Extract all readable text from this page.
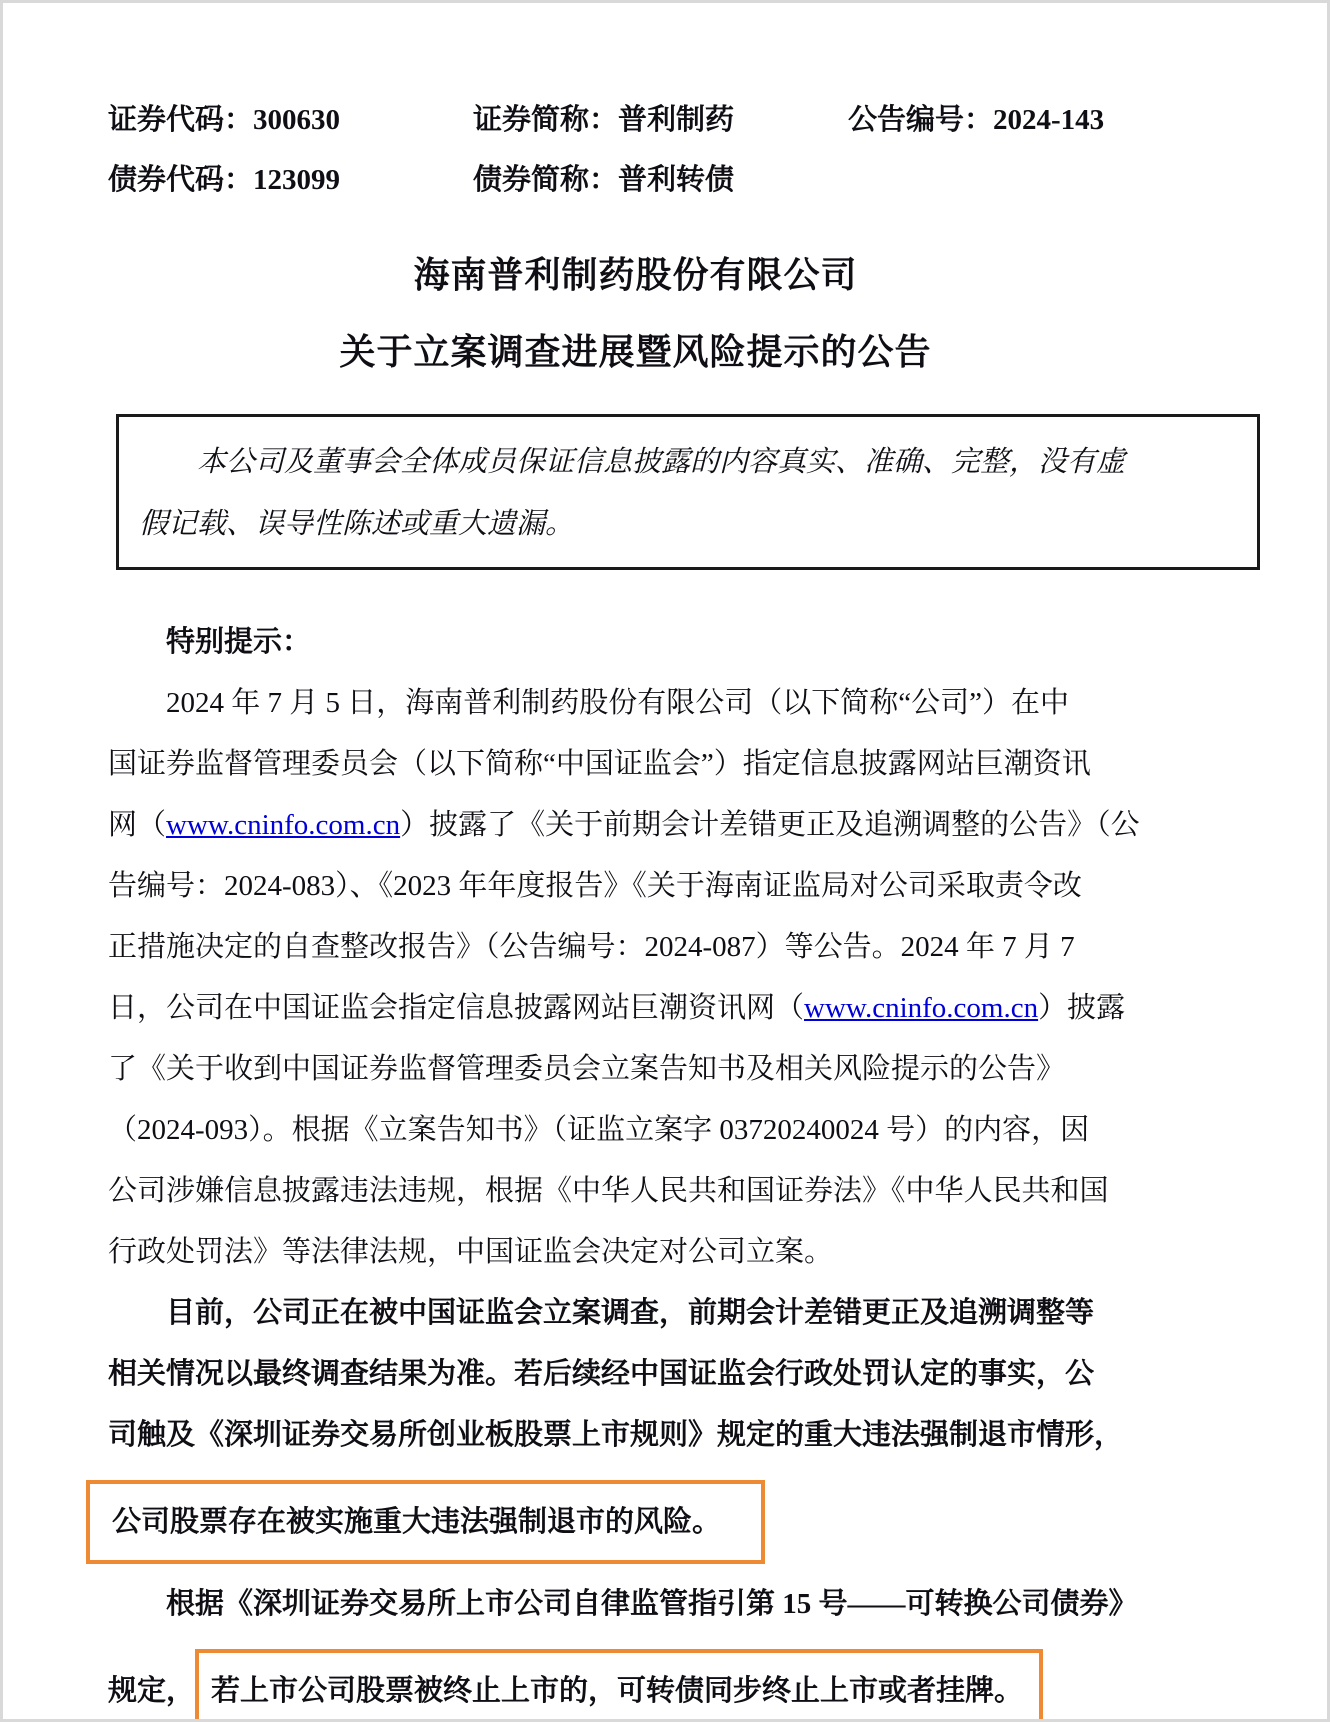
证券代码：300630	证券简称：普利制药	公告编号：2024-143
债券代码：123099	债券简称：普利转债
海南普利制药股份有限公司
关于立案调查进展暨风险提示的公告

本公司及董事会全体成员保证信息披露的内容真实、准确、完整，没有虚

假记载、误导性陈述或重大遗漏。

特别提示：

2024 年 7 月 5 日，海南普利制药股份有限公司（以下简称“公司”）在中
国证券监督管理委员会（以下简称“中国证监会”）指定信息披露网站巨潮资讯
网（www.cninfo.com.cn）披露了《关于前期会计差错更正及追溯调整的公告》（公
告编号：2024-083）、《2023 年年度报告》《关于海南证监局对公司采取责令改
正措施决定的自查整改报告》（公告编号：2024-087）等公告。2024 年 7 月 7
日，公司在中国证监会指定信息披露网站巨潮资讯网（www.cninfo.com.cn）披露
了《关于收到中国证券监督管理委员会立案告知书及相关风险提示的公告》
（2024-093）。根据《立案告知书》（证监立案字 03720240024 号）的内容，因
公司涉嫌信息披露违法违规，根据《中华人民共和国证券法》《中华人民共和国
行政处罚法》等法律法规，中国证监会决定对公司立案。
目前，公司正在被中国证监会立案调查，前期会计差错更正及追溯调整等
相关情况以最终调查结果为准。若后续经中国证监会行政处罚认定的事实，公
司触及《深圳证券交易所创业板股票上市规则》规定的重大违法强制退市情形，
公司股票存在被实施重大违法强制退市的风险。
根据《深圳证券交易所上市公司自律监管指引第 15 号——可转换公司债券》
规定， 若上市公司股票被终止上市的，可转债同步终止上市或者挂牌。
